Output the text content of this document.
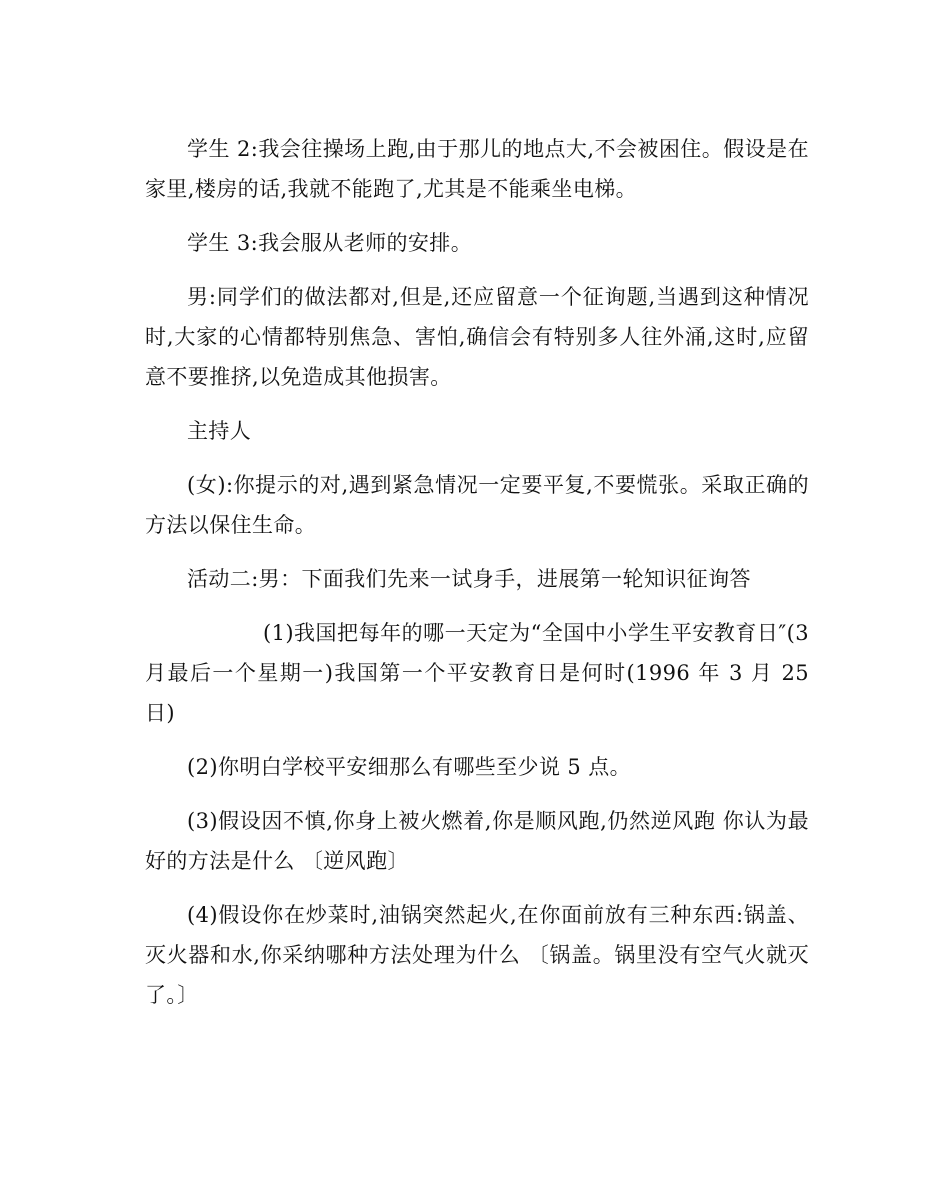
学生 2:我会往操场上跑,由于那儿的地点大,不会被困住。假设是在家里,楼房的话,我就不能跑了,尤其是不能乘坐电梯。

学生 3:我会服从老师的安排。

男:同学们的做法都对,但是,还应留意一个征询题,当遇到这种情况时,大家的心情都特别焦急、害怕,确信会有特别多人往外涌,这时,应留意不要推挤,以免造成其他损害。

主持人

(女):你提示的对,遇到紧急情况一定要平复,不要慌张。采取正确的方法以保住生命。

活动二:男：下面我们先来一试身手，进展第一轮知识征询答

(1)我国把每年的哪一天定为“全国中小学生平安教育日″(3 月最后一个星期一)我国第一个平安教育日是何时(1996 年 3 月 25 日)

(2)你明白学校平安细那么有哪些至少说 5 点。

(3)假设因不慎,你身上被火燃着,你是顺风跑,仍然逆风跑 你认为最好的方法是什么 〔逆风跑〕

(4)假设你在炒菜时,油锅突然起火,在你面前放有三种东西:锅盖、灭火器和水,你采纳哪种方法处理为什么 〔锅盖。锅里没有空气火就灭了。〕
